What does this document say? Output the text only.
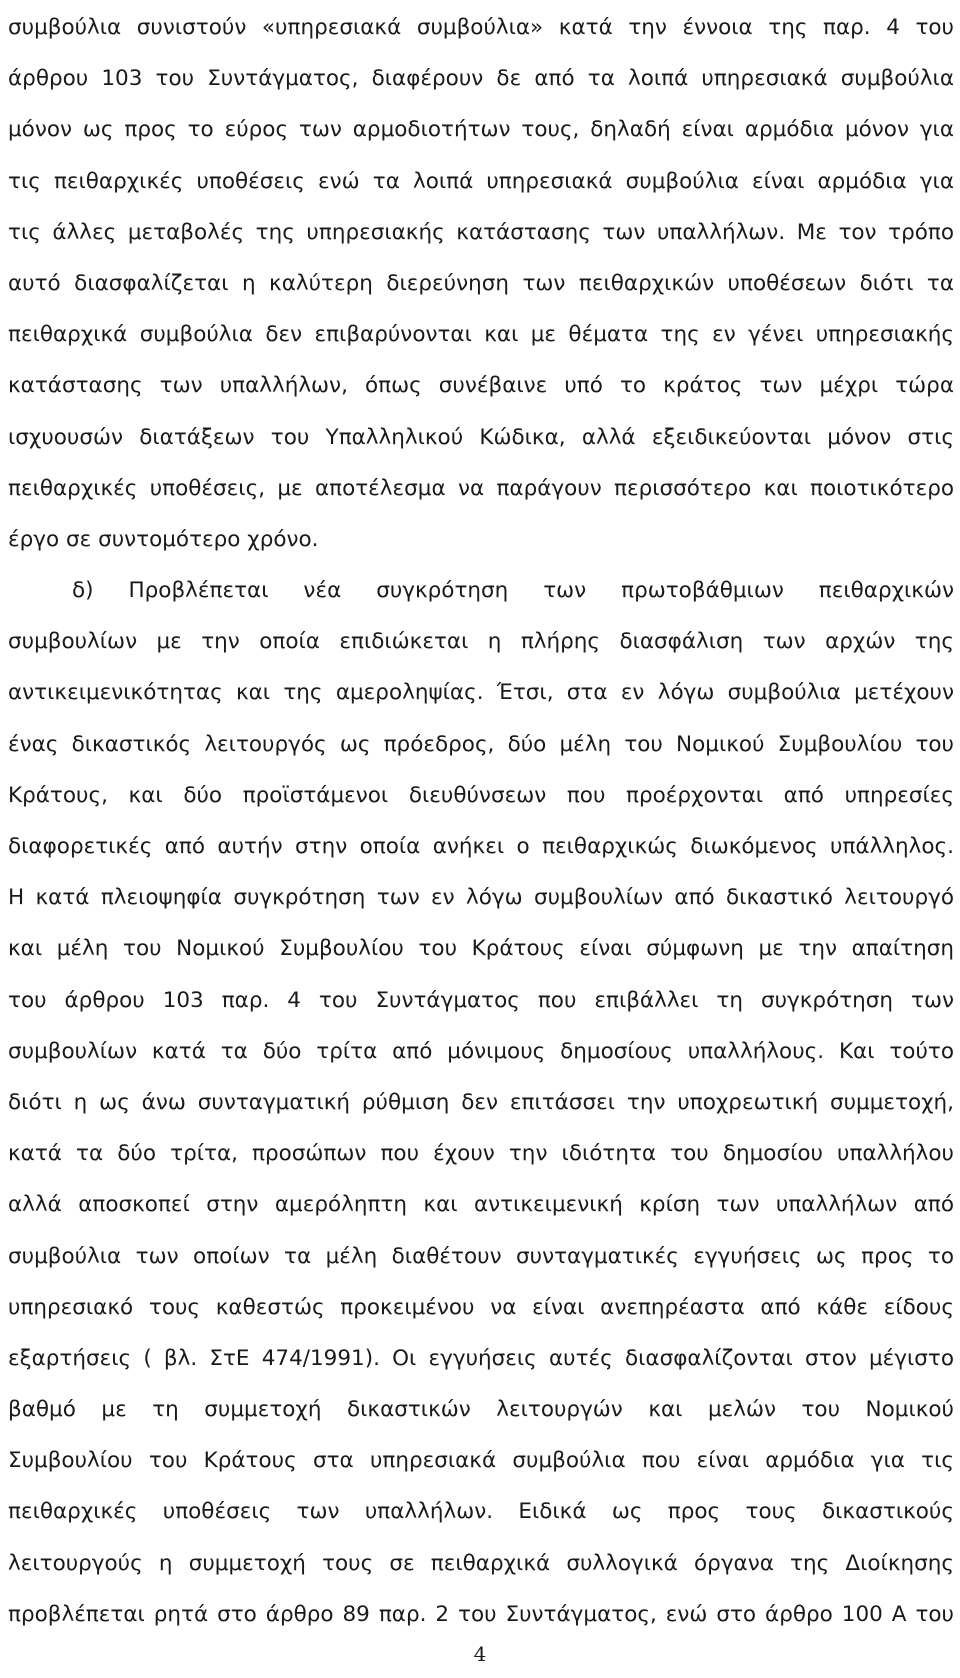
συμβούλια συνιστούν «υπηρεσιακά συμβούλια» κατά την έννοια της παρ. 4 του
άρθρου 103 του Συντάγματος, διαφέρουν δε από τα λοιπά υπηρεσιακά συμβούλια
μόνον ως προς το εύρος των αρμοδιοτήτων τους, δηλαδή είναι αρμόδια μόνον για
τις πειθαρχικές υποθέσεις ενώ τα λοιπά υπηρεσιακά συμβούλια είναι αρμόδια για
τις άλλες μεταβολές της υπηρεσιακής κατάστασης των υπαλλήλων. Με τον τρόπο
αυτό διασφαλίζεται η καλύτερη διερεύνηση των πειθαρχικών υποθέσεων διότι τα
πειθαρχικά συμβούλια δεν επιβαρύνονται και με θέματα της εν γένει υπηρεσιακής
κατάστασης των υπαλλήλων, όπως συνέβαινε υπό το κράτος των μέχρι τώρα
ισχυουσών διατάξεων του Υπαλληλικού Κώδικα, αλλά εξειδικεύονται μόνον στις
πειθαρχικές υποθέσεις, με αποτέλεσμα να παράγουν περισσότερο και ποιοτικότερο
έργο σε συντομότερο χρόνο.
δ) Προβλέπεται νέα συγκρότηση των πρωτοβάθμιων πειθαρχικών
συμβουλίων με την οποία επιδιώκεται η πλήρης διασφάλιση των αρχών της
αντικειμενικότητας και της αμεροληψίας. Έτσι, στα εν λόγω συμβούλια μετέχουν
ένας δικαστικός λειτουργός ως πρόεδρος, δύο μέλη του Νομικού Συμβουλίου του
Κράτους, και δύο προϊστάμενοι διευθύνσεων που προέρχονται από υπηρεσίες
διαφορετικές από αυτήν στην οποία ανήκει ο πειθαρχικώς διωκόμενος υπάλληλος.
Η κατά πλειοψηφία συγκρότηση των εν λόγω συμβουλίων από δικαστικό λειτουργό
και μέλη του Νομικού Συμβουλίου του Κράτους είναι σύμφωνη με την απαίτηση
του άρθρου 103 παρ. 4 του Συντάγματος που επιβάλλει τη συγκρότηση των
συμβουλίων κατά τα δύο τρίτα από μόνιμους δημοσίους υπαλλήλους. Και τούτο
διότι η ως άνω συνταγματική ρύθμιση δεν επιτάσσει την υποχρεωτική συμμετοχή,
κατά τα δύο τρίτα, προσώπων που έχουν την ιδιότητα του δημοσίου υπαλλήλου
αλλά αποσκοπεί στην αμερόληπτη και αντικειμενική κρίση των υπαλλήλων από
συμβούλια των οποίων τα μέλη διαθέτουν συνταγματικές εγγυήσεις ως προς το
υπηρεσιακό τους καθεστώς προκειμένου να είναι ανεπηρέαστα από κάθε είδους
εξαρτήσεις ( βλ. ΣτΕ 474/1991). Οι εγγυήσεις αυτές διασφαλίζονται στον μέγιστο
βαθμό με τη συμμετοχή δικαστικών λειτουργών και μελών του Νομικού
Συμβουλίου του Κράτους στα υπηρεσιακά συμβούλια που είναι αρμόδια για τις
πειθαρχικές υποθέσεις των υπαλλήλων. Ειδικά ως προς τους δικαστικούς
λειτουργούς η συμμετοχή τους σε πειθαρχικά συλλογικά όργανα της Διοίκησης
προβλέπεται ρητά στο άρθρο 89 παρ. 2 του Συντάγματος, ενώ στο άρθρο 100 Α του
4
